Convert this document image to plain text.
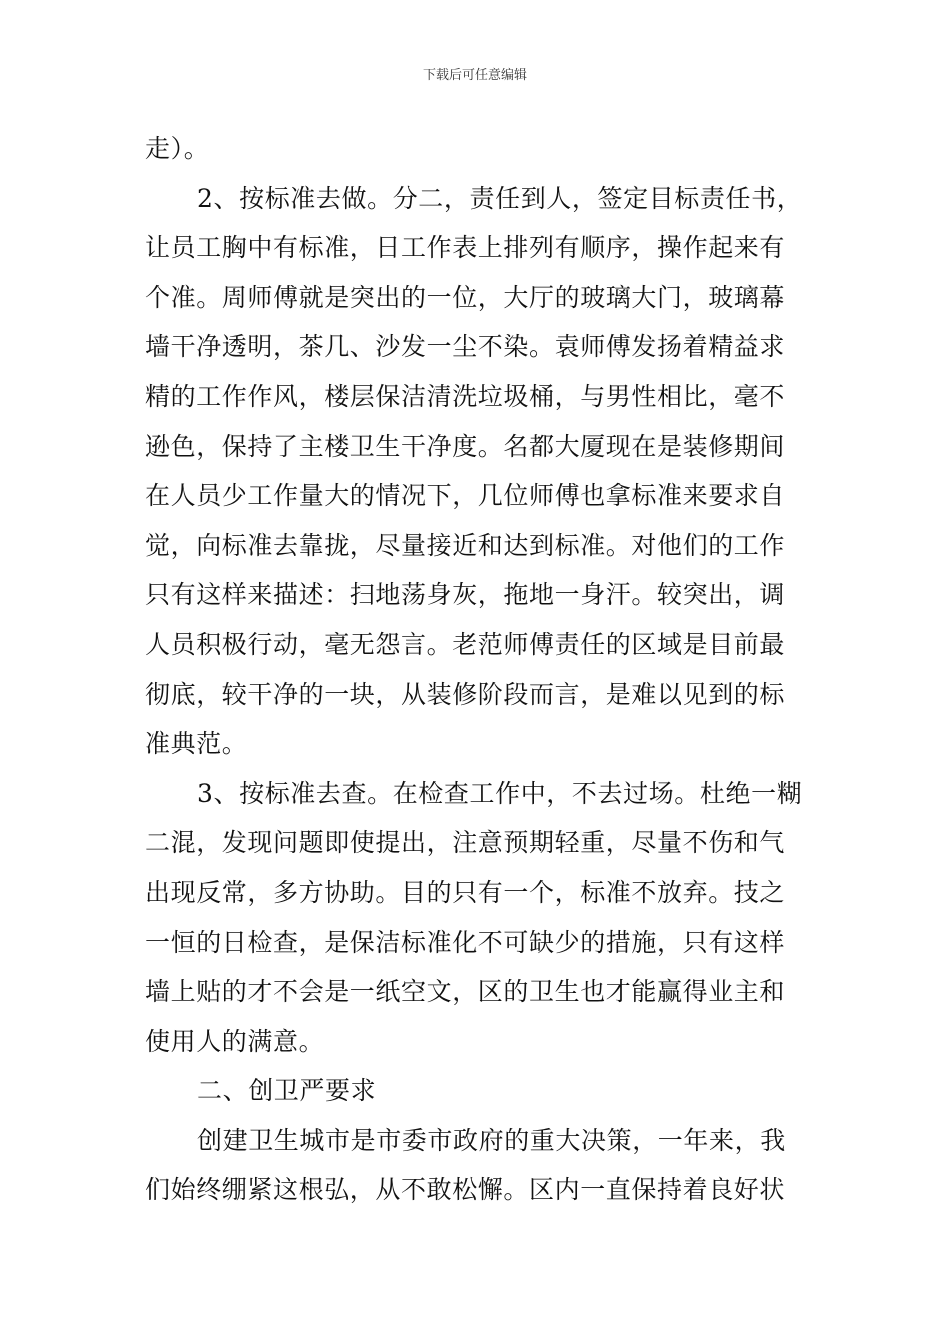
下载后可任意编辑

走）。

2、按标准去做。分二，责任到人，签定目标责任书，让员工胸中有标准，日工作表上排列有顺序，操作起来有个准。周师傅就是突出的一位，大厅的玻璃大门，玻璃幕墙干净透明，茶几、沙发一尘不染。袁师傅发扬着精益求精的工作作风，楼层保洁清洗垃圾桶，与男性相比，毫不逊色，保持了主楼卫生干净度。名都大厦现在是装修期间在人员少工作量大的情况下，几位师傅也拿标准来要求自觉，向标准去靠拢，尽量接近和达到标准。对他们的工作只有这样来描述：扫地荡身灰，拖地一身汗。较突出，调人员积极行动，毫无怨言。老范师傅责任的区域是目前最彻底，较干净的一块，从装修阶段而言，是难以见到的标准典范。

3、按标准去查。在检查工作中，不去过场。杜绝一糊二混，发现问题即使提出，注意预期轻重，尽量不伤和气出现反常，多方协助。目的只有一个，标准不放弃。技之一恒的日检查，是保洁标准化不可缺少的措施，只有这样墙上贴的才不会是一纸空文，区的卫生也才能赢得业主和使用人的满意。

二、创卫严要求

创建卫生城市是市委市政府的重大决策，一年来，我们始终绷紧这根弘，从不敢松懈。区内一直保持着良好状
